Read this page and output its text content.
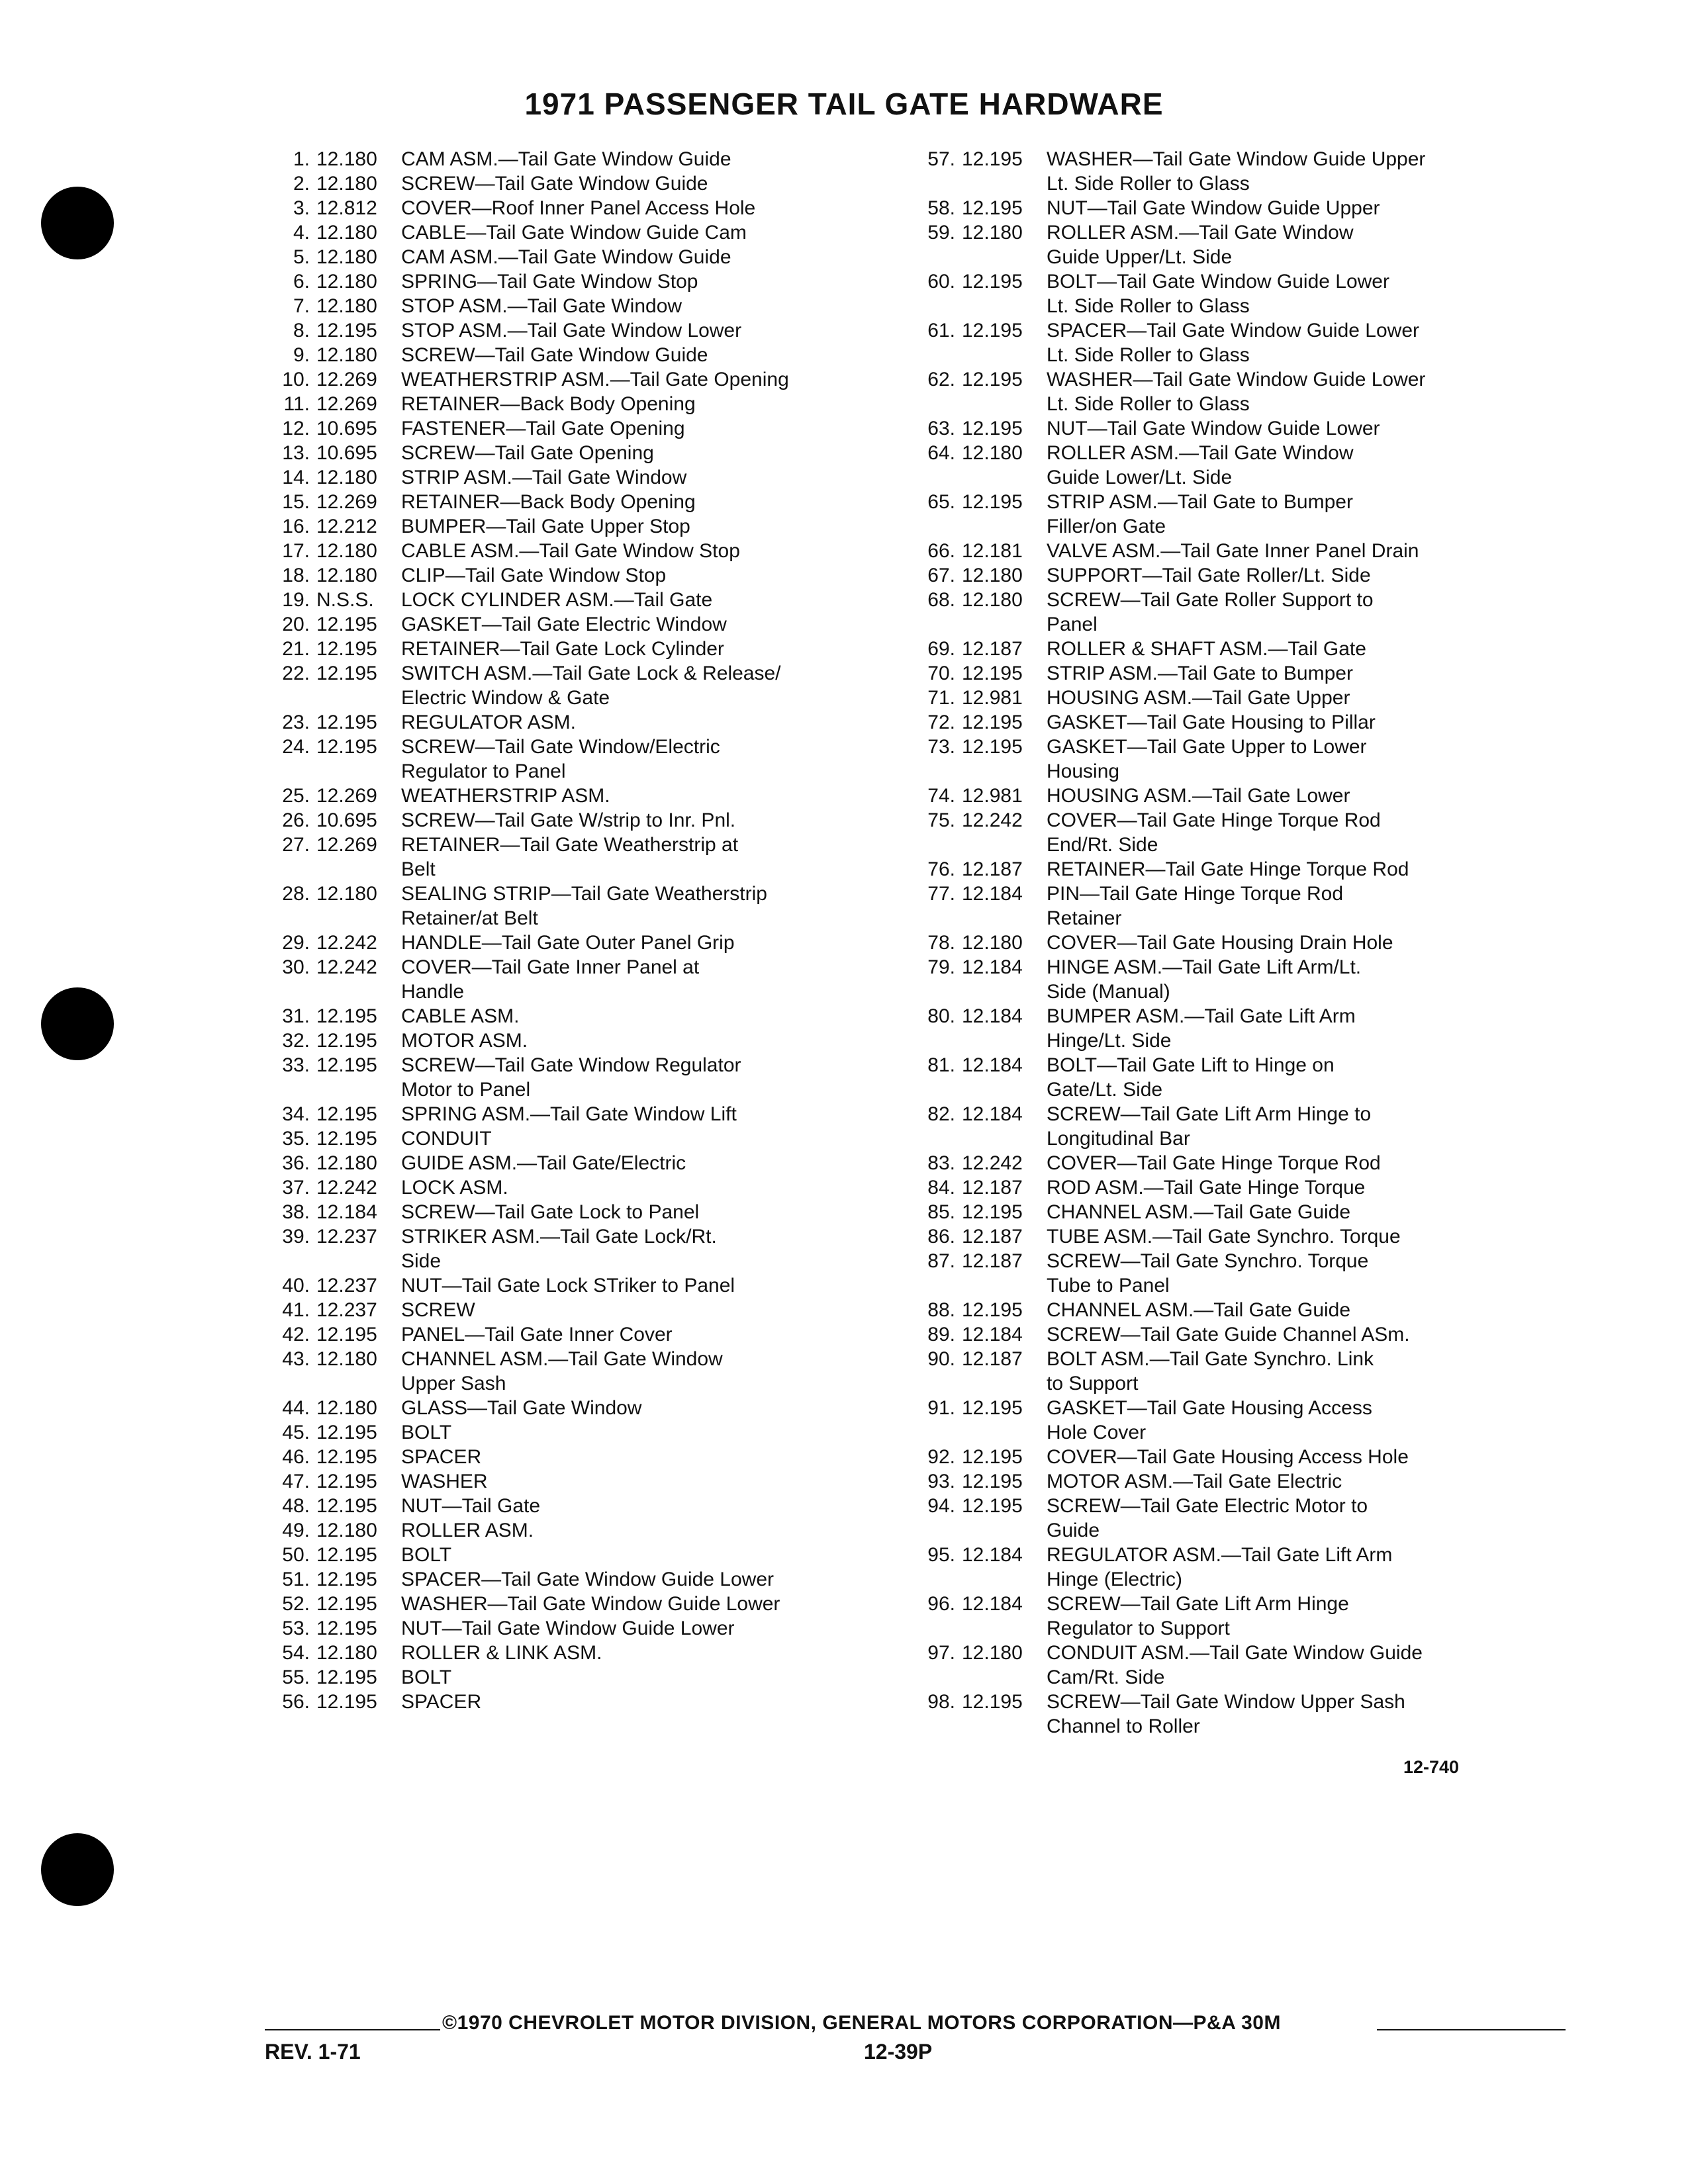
1971 PASSENGER TAIL GATE HARDWARE
1. 12.180	CAM ASM.—Tail Gate Window Guide
2. 12.180	SCREW—Tail Gate Window Guide
3. 12.812	COVER—Roof Inner Panel Access Hole
4. 12.180	CABLE—Tail Gate Window Guide Cam
5. 12.180	CAM ASM.—Tail Gate Window Guide
6. 12.180	SPRING—Tail Gate Window Stop
7. 12.180	STOP ASM.—Tail Gate Window
8. 12.195	STOP ASM.—Tail Gate Window Lower
9. 12.180	SCREW—Tail Gate Window Guide
10. 12.269	WEATHERSTRIP ASM.—Tail Gate Opening
11. 12.269	RETAINER—Back Body Opening
12. 10.695	FASTENER—Tail Gate Opening
13. 10.695	SCREW—Tail Gate Opening
14. 12.180	STRIP ASM.—Tail Gate Window
15. 12.269	RETAINER—Back Body Opening
16. 12.212	BUMPER—Tail Gate Upper Stop
17. 12.180	CABLE ASM.—Tail Gate Window Stop
18. 12.180	CLIP—Tail Gate Window Stop
19. N.S.S.	LOCK CYLINDER ASM.—Tail Gate
20. 12.195	GASKET—Tail Gate Electric Window
21. 12.195	RETAINER—Tail Gate Lock Cylinder
22. 12.195	SWITCH ASM.—Tail Gate Lock & Release/
Electric Window & Gate
23. 12.195	REGULATOR ASM.
24. 12.195	SCREW—Tail Gate Window/Electric
Regulator to Panel
25. 12.269	WEATHERSTRIP ASM.
26. 10.695	SCREW—Tail Gate W/strip to Inr. Pnl.
27. 12.269	RETAINER—Tail Gate Weatherstrip at
Belt
28. 12.180	SEALING STRIP—Tail Gate Weatherstrip
Retainer/at Belt
29. 12.242	HANDLE—Tail Gate Outer Panel Grip
30. 12.242	COVER—Tail Gate Inner Panel at
Handle
31. 12.195	CABLE ASM.
32. 12.195	MOTOR ASM.
33. 12.195	SCREW—Tail Gate Window Regulator
Motor to Panel
34. 12.195	SPRING ASM.—Tail Gate Window Lift
35. 12.195	CONDUIT
36. 12.180	GUIDE ASM.—Tail Gate/Electric
37. 12.242	LOCK ASM.
38. 12.184	SCREW—Tail Gate Lock to Panel
39. 12.237	STRIKER ASM.—Tail Gate Lock/Rt.
Side
40. 12.237	NUT—Tail Gate Lock STriker to Panel
41. 12.237	SCREW
42. 12.195	PANEL—Tail Gate Inner Cover
43. 12.180	CHANNEL ASM.—Tail Gate Window
Upper Sash
44. 12.180	GLASS—Tail Gate Window
45. 12.195	BOLT
46. 12.195	SPACER
47. 12.195	WASHER
48. 12.195	NUT—Tail Gate
49. 12.180	ROLLER ASM.
50. 12.195	BOLT
51. 12.195	SPACER—Tail Gate Window Guide Lower
52. 12.195	WASHER—Tail Gate Window Guide Lower
53. 12.195	NUT—Tail Gate Window Guide Lower
54. 12.180	ROLLER & LINK ASM.
55. 12.195	BOLT
56. 12.195	SPACER
57. 12.195	WASHER—Tail Gate Window Guide Upper
Lt. Side Roller to Glass
58. 12.195	NUT—Tail Gate Window Guide Upper
59. 12.180	ROLLER ASM.—Tail Gate Window
Guide Upper/Lt. Side
60. 12.195	BOLT—Tail Gate Window Guide Lower
Lt. Side Roller to Glass
61. 12.195	SPACER—Tail Gate Window Guide Lower
Lt. Side Roller to Glass
62. 12.195	WASHER—Tail Gate Window Guide Lower
Lt. Side Roller to Glass
63. 12.195	NUT—Tail Gate Window Guide Lower
64. 12.180	ROLLER ASM.—Tail Gate Window
Guide Lower/Lt. Side
65. 12.195	STRIP ASM.—Tail Gate to Bumper
Filler/on Gate
66. 12.181	VALVE ASM.—Tail Gate Inner Panel Drain
67. 12.180	SUPPORT—Tail Gate Roller/Lt. Side
68. 12.180	SCREW—Tail Gate Roller Support to
Panel
69. 12.187	ROLLER & SHAFT ASM.—Tail Gate
70. 12.195	STRIP ASM.—Tail Gate to Bumper
71. 12.981	HOUSING ASM.—Tail Gate Upper
72. 12.195	GASKET—Tail Gate Housing to Pillar
73. 12.195	GASKET—Tail Gate Upper to Lower
Housing
74. 12.981	HOUSING ASM.—Tail Gate Lower
75. 12.242	COVER—Tail Gate Hinge Torque Rod
End/Rt. Side
76. 12.187	RETAINER—Tail Gate Hinge Torque Rod
77. 12.184	PIN—Tail Gate Hinge Torque Rod
Retainer
78. 12.180	COVER—Tail Gate Housing Drain Hole
79. 12.184	HINGE ASM.—Tail Gate Lift Arm/Lt.
Side (Manual)
80. 12.184	BUMPER ASM.—Tail Gate Lift Arm
Hinge/Lt. Side
81. 12.184	BOLT—Tail Gate Lift to Hinge on
Gate/Lt. Side
82. 12.184	SCREW—Tail Gate Lift Arm Hinge to
Longitudinal Bar
83. 12.242	COVER—Tail Gate Hinge Torque Rod
84. 12.187	ROD ASM.—Tail Gate Hinge Torque
85. 12.195	CHANNEL ASM.—Tail Gate Guide
86. 12.187	TUBE ASM.—Tail Gate Synchro. Torque
87. 12.187	SCREW—Tail Gate Synchro. Torque
Tube to Panel
88. 12.195	CHANNEL ASM.—Tail Gate Guide
89. 12.184	SCREW—Tail Gate Guide Channel ASm.
90. 12.187	BOLT ASM.—Tail Gate Synchro. Link
to Support
91. 12.195	GASKET—Tail Gate Housing Access
Hole Cover
92. 12.195	COVER—Tail Gate Housing Access Hole
93. 12.195	MOTOR ASM.—Tail Gate Electric
94. 12.195	SCREW—Tail Gate Electric Motor to
Guide
95. 12.184	REGULATOR ASM.—Tail Gate Lift Arm
Hinge (Electric)
96. 12.184	SCREW—Tail Gate Lift Arm Hinge
Regulator to Support
97. 12.180	CONDUIT ASM.—Tail Gate Window Guide
Cam/Rt. Side
98. 12.195	SCREW—Tail Gate Window Upper Sash
Channel to Roller
12-740
©1970 CHEVROLET MOTOR DIVISION, GENERAL MOTORS CORPORATION—P&A 30M
REV. 1-71	12-39P
